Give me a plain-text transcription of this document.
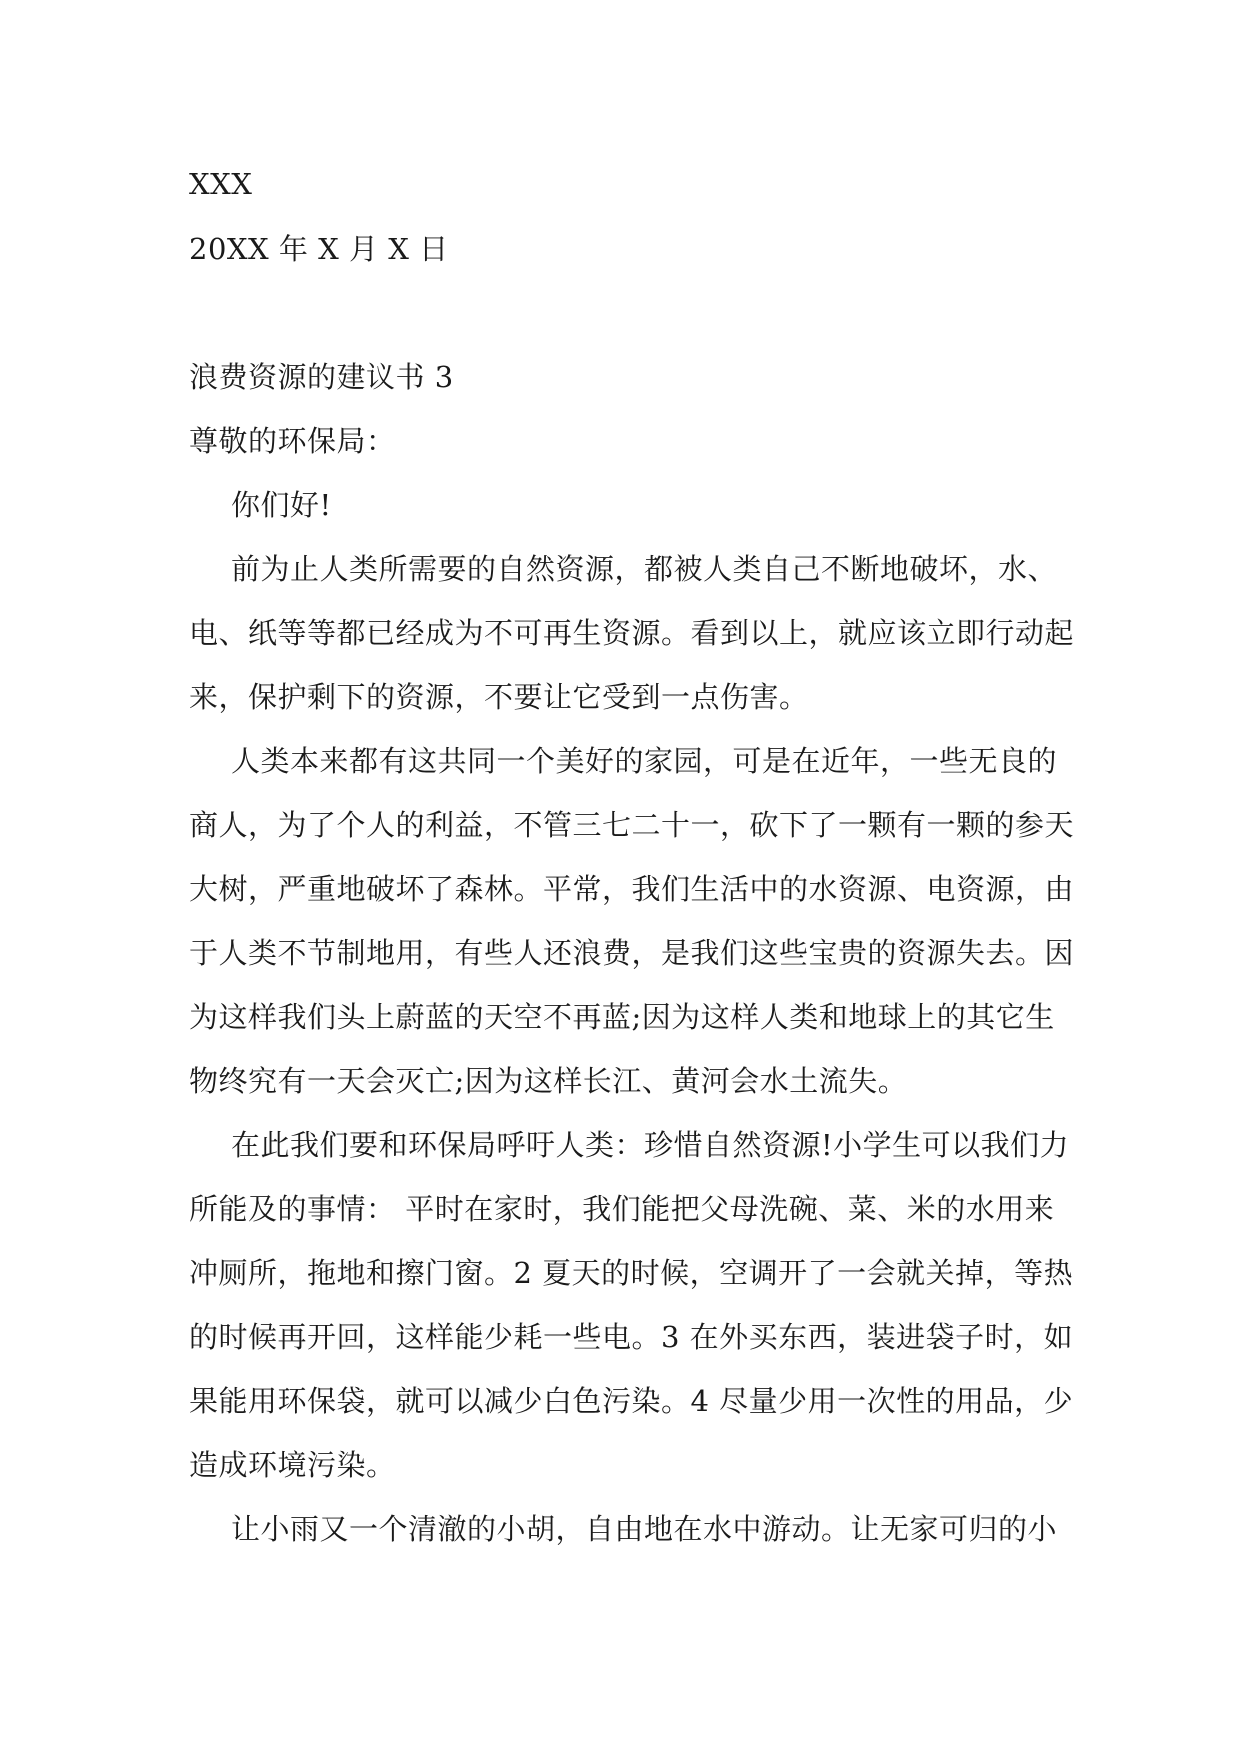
XXX

20XX 年 X 月 X 日

浪费资源的建议书 3

尊敬的环保局：

你们好!

前为止人类所需要的自然资源，都被人类自己不断地破坏，水、

电、纸等等都已经成为不可再生资源。看到以上，就应该立即行动起

来，保护剩下的资源，不要让它受到一点伤害。

人类本来都有这共同一个美好的家园，可是在近年，一些无良的

商人，为了个人的利益，不管三七二十一，砍下了一颗有一颗的参天

大树，严重地破坏了森林。平常，我们生活中的水资源、电资源，由

于人类不节制地用，有些人还浪费，是我们这些宝贵的资源失去。因

为这样我们头上蔚蓝的天空不再蓝;因为这样人类和地球上的其它生

物终究有一天会灭亡;因为这样长江、黄河会水土流失。

在此我们要和环保局呼吁人类：珍惜自然资源!小学生可以我们力

所能及的事情： 平时在家时，我们能把父母洗碗、菜、米的水用来

冲厕所，拖地和擦门窗。2 夏天的时候，空调开了一会就关掉，等热

的时候再开回，这样能少耗一些电。3 在外买东西，装进袋子时，如

果能用环保袋，就可以减少白色污染。4 尽量少用一次性的用品，少

造成环境污染。

让小雨又一个清澈的小胡，自由地在水中游动。让无家可归的小
